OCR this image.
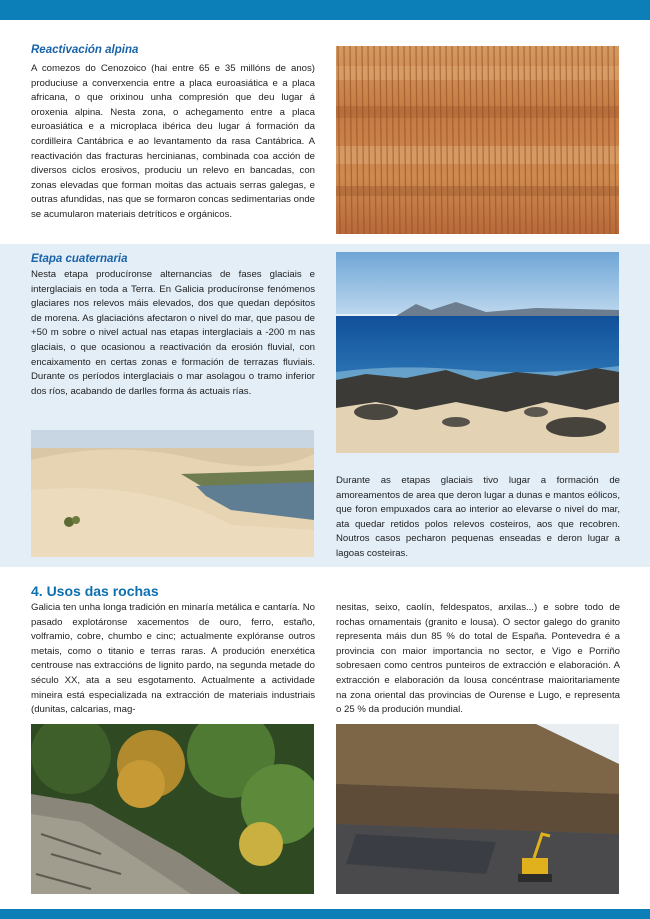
Reactivación alpina
A comezos do Cenozoico (hai entre 65 e 35 millóns de anos) produciuse a converxencia entre a placa euroasiática e a placa africana, o que orixinou unha compresión que deu lugar á oroxenia alpina. Nesta zona, o achegamento entre a placa euroasiática e a microplaca ibérica deu lugar á formación da cordilleira Cantábrica e ao levantamento da rasa Cantábrica. A reactivación das fracturas hercinianas, combinada coa acción de diversos ciclos erosivos, produciu un relevo en bancadas, con zonas elevadas que forman moitas das actuais serras galegas, e outras afundidas, nas que se formaron concas sedimentarias onde se acumularon materiais detríticos e orgánicos.
Etapa cuaternaria
Nesta etapa producíronse alternancias de fases glaciais e interglaciais en toda a Terra. En Galicia producíronse fenómenos glaciares nos relevos máis elevados, dos que quedan depósitos de morena. As glaciacións afectaron o nivel do mar, que pasou de +50 m sobre o nivel actual nas etapas interglaciais a -200 m nas glaciais, o que ocasionou a reactivación da erosión fluvial, con encaixamento en certas zonas e formación de terrazas fluviais. Durante os períodos interglaciais o mar asolagou o tramo inferior dos ríos, acabando de darlles forma ás actuais rías.
Durante as etapas glaciais tivo lugar a formación de amoreamentos de area que deron lugar a dunas e mantos eólicos, que foron empuxados cara ao interior ao elevarse o nivel do mar, ata quedar retidos polos relevos costeiros, aos que recobren. Noutros casos pecharon pequenas enseadas e deron lugar a lagoas costeiras.
4. Usos das rochas
Galicia ten unha longa tradición en minaría metálica e cantaría. No pasado explotáronse xacementos de ouro, ferro, estaño, volframio, cobre, chumbo e cinc; actualmente explóranse outros metais, como o titanio e terras raras. A produción enerxética centrouse nas extraccións de lignito pardo, na segunda metade do século XX, ata a seu esgotamento. Actualmente a actividade mineira está especializada na extracción de materiais industriais (dunitas, calcarias, mag-
nesitas, seixo, caolín, feldespatos, arxilas...) e sobre todo de rochas ornamentais (granito e lousa). O sector galego do granito representa máis dun 85 % do total de España. Pontevedra é a provincia con maior importancia no sector, e Vigo e Porriño sobresaen como centros punteiros de extracción e elaboración. A extracción e elaboración da lousa concéntrase maioritariamente na zona oriental das provincias de Ourense e Lugo, e representa o 25 % da produción mundial.
